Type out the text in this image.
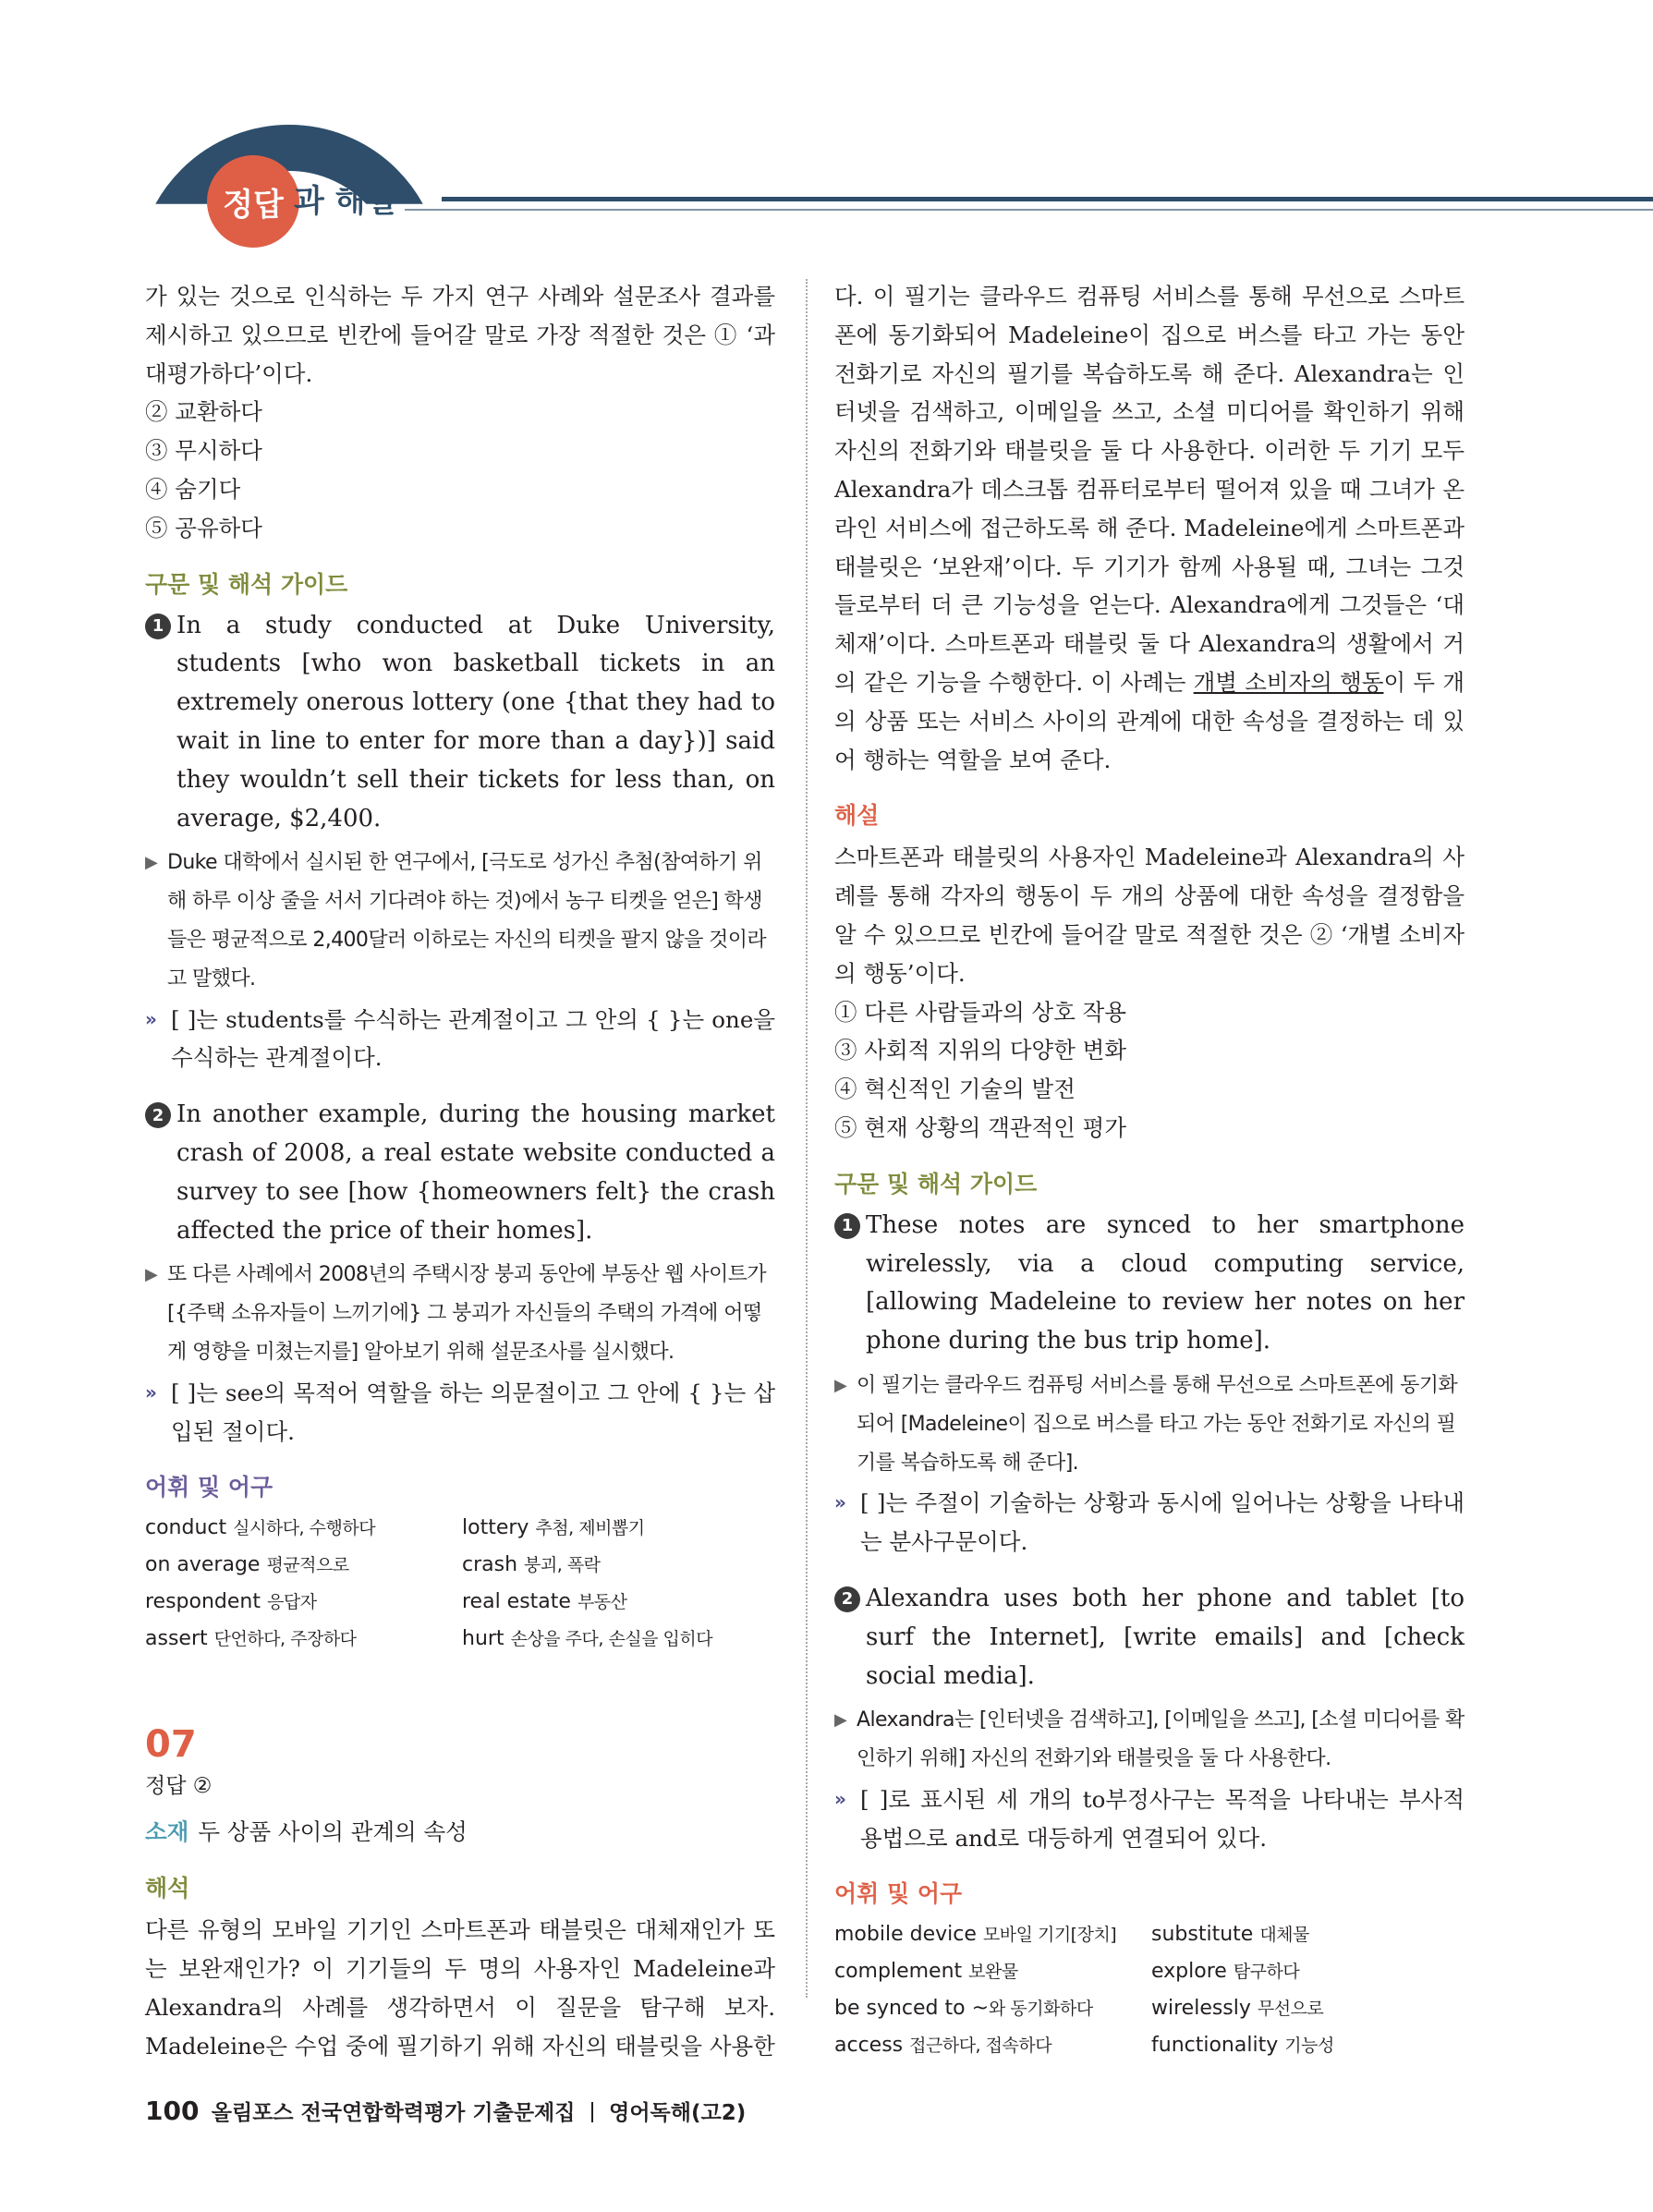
정답 과 해설

가 있는 것으로 인식하는 두 가지 연구 사례와 설문조사 결과를 제시하고 있으므로 빈칸에 들어갈 말로 가장 적절한 것은 ① ‘과대평가하다’이다.

② 교환하다

③ 무시하다

④ 숨기다

⑤ 공유하다

구문 및 해석 가이드
1 In a study conducted at Duke University, students [who won basketball tickets in an extremely onerous lottery (one {that they had to wait in line to enter for more than a day})] said they wouldn’t sell their tickets for less than, on average, $2,400.
▶ Duke 대학에서 실시된 한 연구에서, [극도로 성가신 추첨(참여하기 위해 하루 이상 줄을 서서 기다려야 하는 것)에서 농구 티켓을 얻은] 학생들은 평균적으로 2,400달러 이하로는 자신의 티켓을 팔지 않을 것이라고 말했다.
» [ ]는 students를 수식하는 관계절이고 그 안의 { }는 one을 수식하는 관계절이다.
2 In another example, during the housing market crash of 2008, a real estate website conducted a survey to see [how {homeowners felt} the crash affected the price of their homes].
▶ 또 다른 사례에서 2008년의 주택시장 붕괴 동안에 부동산 웹 사이트가 [{주택 소유자들이 느끼기에} 그 붕괴가 자신들의 주택의 가격에 어떻게 영향을 미쳤는지를] 알아보기 위해 설문조사를 실시했다.
» [ ]는 see의 목적어 역할을 하는 의문절이고 그 안에 { }는 삽입된 절이다.
어휘 및 어구
conduct 실시하다, 수행하다	lottery 추첨, 제비뽑기
on average 평균적으로	crash 붕괴, 폭락
respondent 응답자	real estate 부동산
assert 단언하다, 주장하다	hurt 손상을 주다, 손실을 입히다
07
정답 ②
소재 두 상품 사이의 관계의 속성
해석

다른 유형의 모바일 기기인 스마트폰과 태블릿은 대체재인가 또는 보완재인가? 이 기기들의 두 명의 사용자인 Madeleine과 Alexandra의 사례를 생각하면서 이 질문을 탐구해 보자. Madeleine은 수업 중에 필기하기 위해 자신의 태블릿을 사용한

다. 이 필기는 클라우드 컴퓨팅 서비스를 통해 무선으로 스마트폰에 동기화되어 Madeleine이 집으로 버스를 타고 가는 동안 전화기로 자신의 필기를 복습하도록 해 준다. Alexandra는 인터넷을 검색하고, 이메일을 쓰고, 소셜 미디어를 확인하기 위해 자신의 전화기와 태블릿을 둘 다 사용한다. 이러한 두 기기 모두 Alexandra가 데스크톱 컴퓨터로부터 떨어져 있을 때 그녀가 온라인 서비스에 접근하도록 해 준다. Madeleine에게 스마트폰과 태블릿은 ‘보완재’이다. 두 기기가 함께 사용될 때, 그녀는 그것들로부터 더 큰 기능성을 얻는다. Alexandra에게 그것들은 ‘대체재’이다. 스마트폰과 태블릿 둘 다 Alexandra의 생활에서 거의 같은 기능을 수행한다. 이 사례는 개별 소비자의 행동이 두 개의 상품 또는 서비스 사이의 관계에 대한 속성을 결정하는 데 있어 행하는 역할을 보여 준다.

해설

스마트폰과 태블릿의 사용자인 Madeleine과 Alexandra의 사례를 통해 각자의 행동이 두 개의 상품에 대한 속성을 결정함을 알 수 있으므로 빈칸에 들어갈 말로 적절한 것은 ② ‘개별 소비자의 행동’이다.

① 다른 사람들과의 상호 작용

③ 사회적 지위의 다양한 변화

④ 혁신적인 기술의 발전

⑤ 현재 상황의 객관적인 평가

구문 및 해석 가이드
1 These notes are synced to her smartphone wirelessly, via a cloud computing service, [allowing Madeleine to review her notes on her phone during the bus trip home].
▶ 이 필기는 클라우드 컴퓨팅 서비스를 통해 무선으로 스마트폰에 동기화되어 [Madeleine이 집으로 버스를 타고 가는 동안 전화기로 자신의 필기를 복습하도록 해 준다].
» [ ]는 주절이 기술하는 상황과 동시에 일어나는 상황을 나타내는 분사구문이다.
2 Alexandra uses both her phone and tablet [to surf the Internet], [write emails] and [check social media].
▶ Alexandra는 [인터넷을 검색하고], [이메일을 쓰고], [소셜 미디어를 확인하기 위해] 자신의 전화기와 태블릿을 둘 다 사용한다.
» [ ]로 표시된 세 개의 to부정사구는 목적을 나타내는 부사적 용법으로 and로 대등하게 연결되어 있다.
어휘 및 어구
mobile device 모바일 기기[장치]	substitute 대체물
complement 보완물	explore 탐구하다
be synced to ~와 동기화하다	wirelessly 무선으로
access 접근하다, 접속하다	functionality 기능성
100 올림포스 전국연합학력평가 기출문제집 영어독해(고2)
